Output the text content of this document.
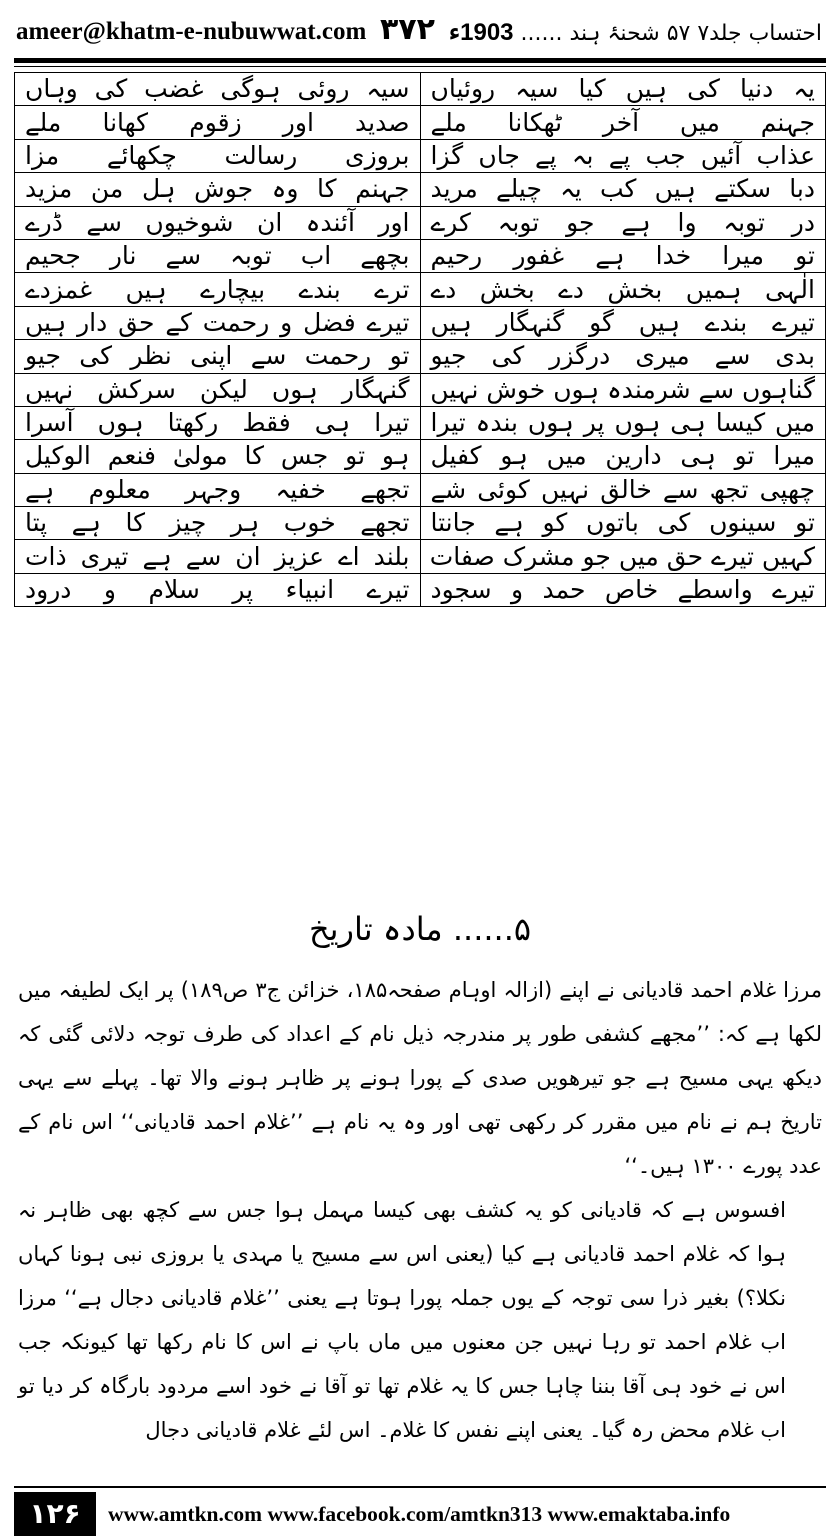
ameer@khatm-e-nubuwwat.com ۳۷۲	احتساب جلد۷ ۵۷ شحنۂ ہند ...... 1903ء
یہ دنیا کی ہیں کیا سیہ روئیاں	سیہ روئی ہوگی غضب کی وہاں
جہنم میں آخر ٹھکانا ملے	صدید اور زقوم کھانا ملے
عذاب آئیں جب پے بہ پے جاں گزا	بروزی رسالت چکھائے مزا
دبا سکتے ہیں کب یہ چیلے مرید	جہنم کا وہ جوش ہل من مزید
در توبہ وا ہے جو توبہ کرے	اور آئندہ ان شوخیوں سے ڈرے
تو میرا خدا ہے غفور رحیم	بچھے اب توبہ سے نار جحیم
الٰہی ہمیں بخش دے بخش دے	ترے بندے بیچارے ہیں غمزدے
تیرے بندے ہیں گو گنہگار ہیں	تیرے فضل و رحمت کے حق دار ہیں
بدی سے میری درگزر کی جیو	تو رحمت سے اپنی نظر کی جیو
گناہوں سے شرمندہ ہوں خوش نہیں	گنہگار ہوں لیکن سرکش نہیں
میں کیسا ہی ہوں پر ہوں بندہ تیرا	تیرا ہی فقط رکھتا ہوں آسرا
میرا تو ہی دارین میں ہو کفیل	ہو تو جس کا مولیٰ فنعم الوکیل
چھپی تجھ سے خالق نہیں کوئی شے	تجھے خفیہ وجہر معلوم ہے
تو سینوں کی باتوں کو ہے جانتا	تجھے خوب ہر چیز کا ہے پتا
کہیں تیرے حق میں جو مشرک صفات	بلند اے عزیز ان سے ہے تیری ذات
تیرے واسطے خاص حمد و سجود	تیرے انبیاء پر سلام و درود
۵...... مادہ تاریخ

مرزا غلام احمد قادیانی نے اپنے (ازالہ اوہام صفحہ۱۸۵، خزائن ج۳ ص۱۸۹) پر ایک لطیفہ میں لکھا ہے کہ: ’’مجھے کشفی طور پر مندرجہ ذیل نام کے اعداد کی طرف توجہ دلائی گئی کہ دیکھ یہی مسیح ہے جو تیرھویں صدی کے پورا ہونے پر ظاہر ہونے والا تھا۔ پہلے سے یہی تاریخ ہم نے نام میں مقرر کر رکھی تھی اور وہ یہ نام ہے ’’غلام احمد قادیانی‘‘ اس نام کے عدد پورے ۱۳۰۰ ہیں۔‘‘

افسوس ہے کہ قادیانی کو یہ کشف بھی کیسا مہمل ہوا جس سے کچھ بھی ظاہر نہ ہوا کہ غلام احمد قادیانی ہے کیا (یعنی اس سے مسیح یا مہدی یا بروزی نبی ہونا کہاں نکلا؟) بغیر ذرا سی توجہ کے یوں جملہ پورا ہوتا ہے یعنی ’’غلام قادیانی دجال ہے‘‘ مرزا اب غلام احمد تو رہا نہیں جن معنوں میں ماں باپ نے اس کا نام رکھا تھا کیونکہ جب اس نے خود ہی آقا بننا چاہا جس کا یہ غلام تھا تو آقا نے خود اسے مردود بارگاہ کر دیا تو اب غلام محض رہ گیا۔ یعنی اپنے نفس کا غلام۔ اس لئے غلام قادیانی دجال

۱۲۶	www.amtkn.com www.facebook.com/amtkn313 www.emaktaba.info
